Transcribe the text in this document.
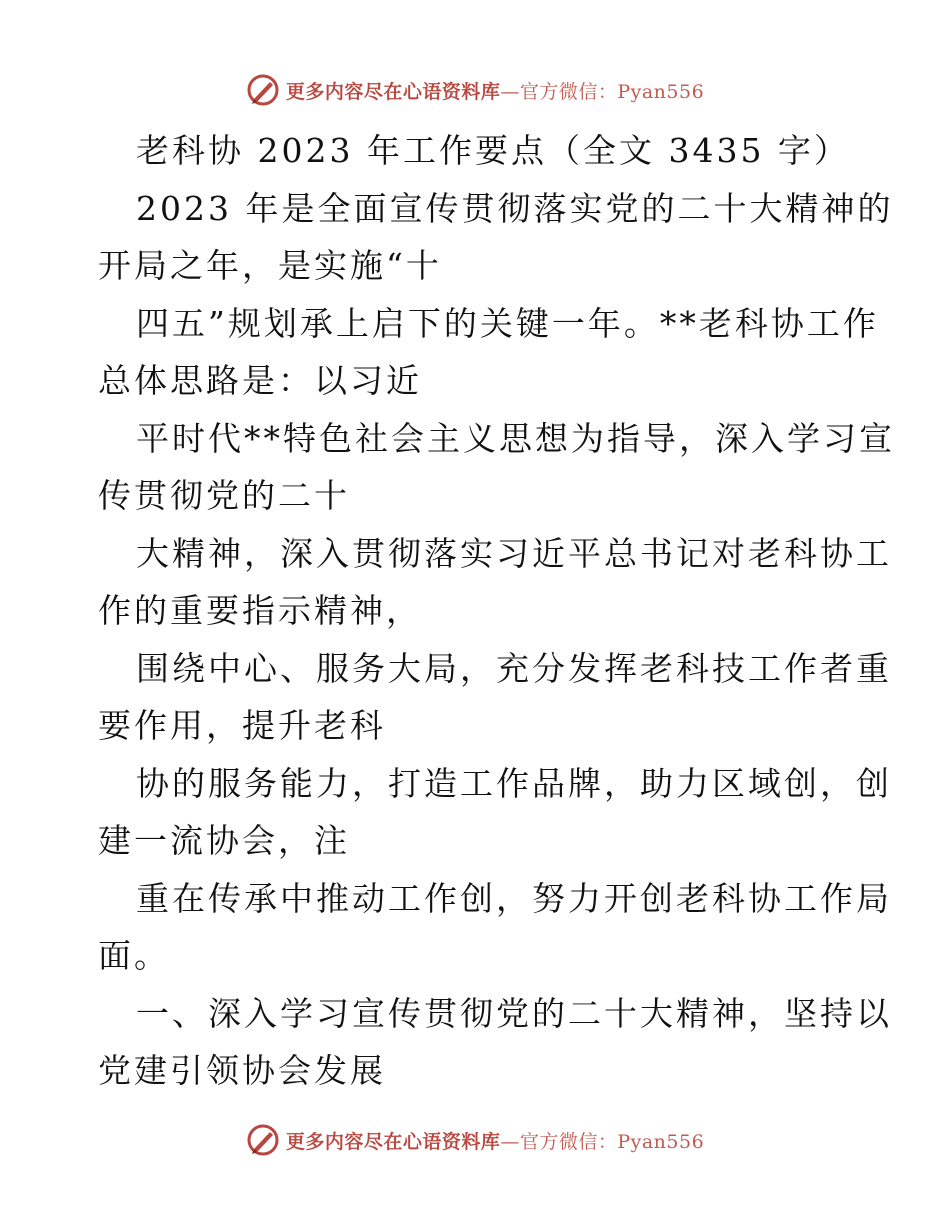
更多内容尽在心语资料库—官方微信：Pyan556
老科协 2023 年工作要点（全文 3435 字）
2023 年是全面宣传贯彻落实党的二十大精神的
开局之年，是实施“十
四五”规划承上启下的关键一年。**老科协工作
总体思路是：以习近
平时代**特色社会主义思想为指导，深入学习宣
传贯彻党的二十
大精神，深入贯彻落实习近平总书记对老科协工
作的重要指示精神，
围绕中心、服务大局，充分发挥老科技工作者重
要作用，提升老科
协的服务能力，打造工作品牌，助力区域创，创
建一流协会，注
重在传承中推动工作创，努力开创老科协工作局
面。
一、深入学习宣传贯彻党的二十大精神，坚持以
党建引领协会发展
更多内容尽在心语资料库—官方微信：Pyan556
